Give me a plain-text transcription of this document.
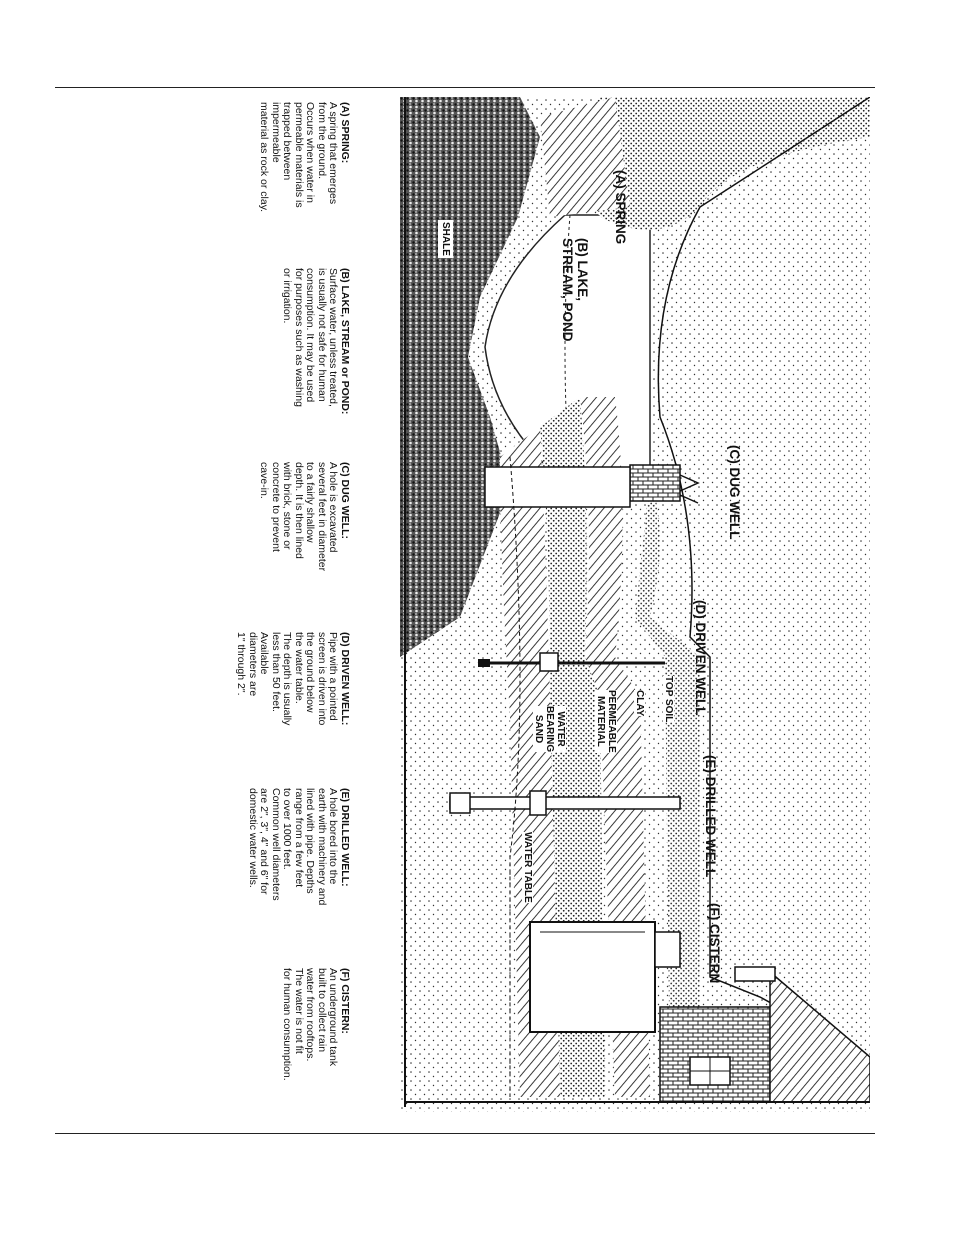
(A) SPRING
(B) LAKE,
STREAM, POND
(C) DUG WELL
(D) DRIVEN WELL
(E) DRILLED WELL
(F) CISTERN
SHALE
TOP SOIL
CLAY
PERMEABLE
MATERIAL
WATER
BEARING
SAND
WATER TABLE
(A) SPRING:
A spring that emerges
from the ground.
Occurs when water in
permeable materials is
trapped between
impermeable
material as rock or clay.
(B) LAKE, STREAM or POND:
Surface water, unless treated,
is usually not safe for human
consumption. It may be used
for purposes such as washing
or irrigation.
(C) DUG WELL:
A hole is excavated
several feet in diameter
to a fairly shallow
depth. It is then lined
with brick, stone or
concrete to prevent
cave-in.
(D) DRIVEN WELL:
Pipe with a pointed
screen is driven into
the ground below
the water table.
The depth is usually
less than 50 feet.
Available
diameters are
1" through 2".
(E) DRILLED WELL:
A hole bored into the
earth with machinery and
lined with pipe. Depths
range from a few feet
to over 1000 feet.
Common well diameters
are 2", 3", 4" and 6" for
domestic water wells.
(F) CISTERN:
An underground tank
built to collect rain
water from rooftops.
The water is not fit
for human consumption.
